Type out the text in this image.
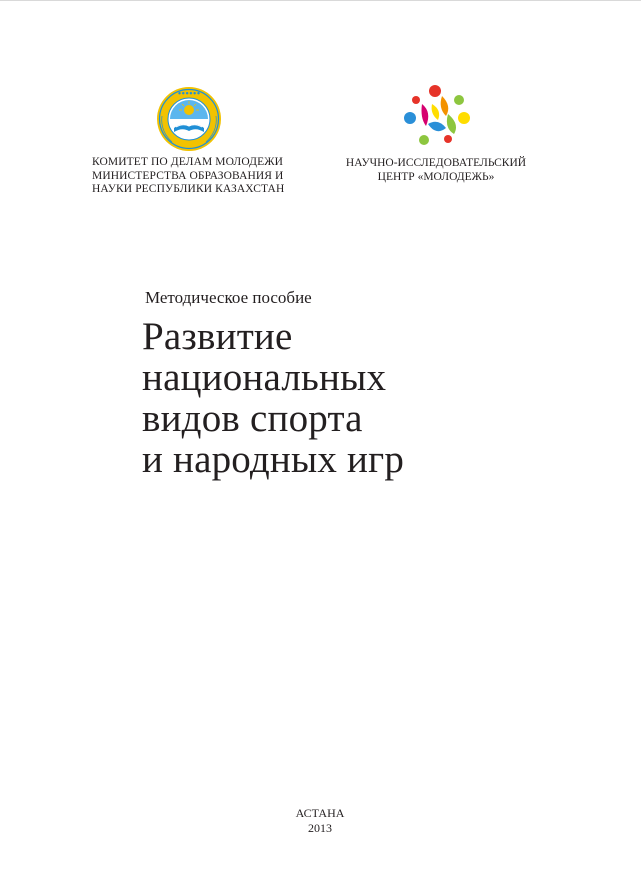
● ● ● ● ● ●
КОМИТЕТ ПО ДЕЛАМ МОЛОДЕЖИ
МИНИСТЕРСТВА ОБРАЗОВАНИЯ И
НАУКИ РЕСПУБЛИКИ КАЗАХСТАН
НАУЧНО-ИССЛЕДОВАТЕЛЬСКИЙ
ЦЕНТР «МОЛОДЕЖЬ»
Методическое пособие
Развитие
национальных
видов спорта
и народных игр
АСТАНА
2013
